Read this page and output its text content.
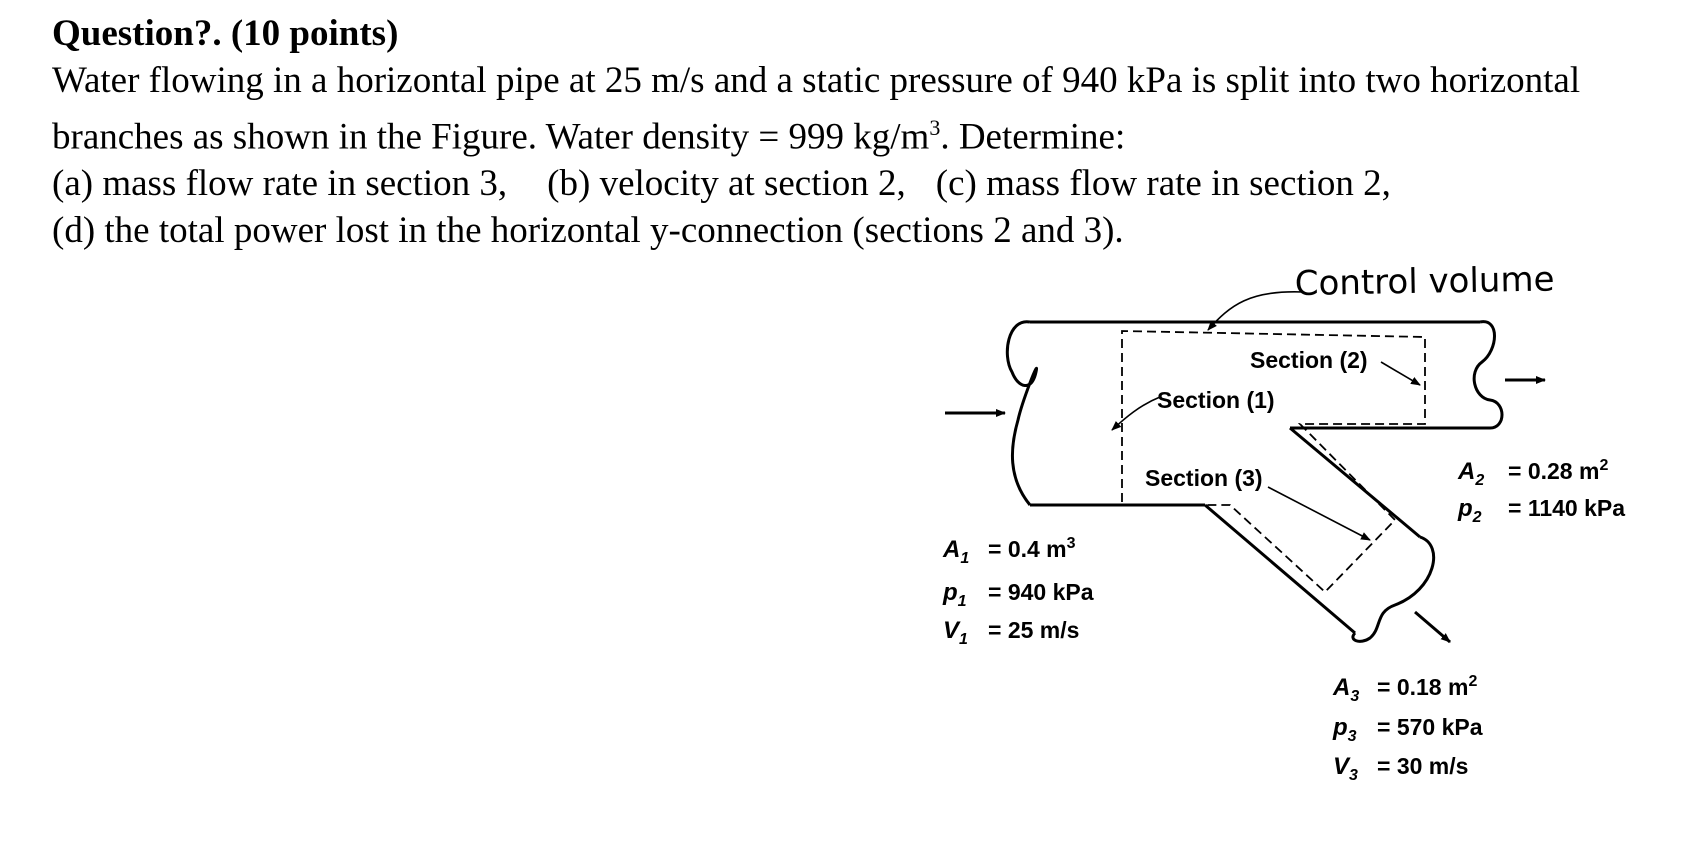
Question?. (10 points)
Water flowing in a horizontal pipe at 25 m/s and a static pressure of 940 kPa is split into two horizontal branches as shown in the Figure. Water density = 999 $kg/m^3$. Determine:
(a) mass flow rate in section 3, (b) velocity at section 2, (c) mass flow rate in section 2,
(d) the total power lost in the horizontal y-connection (sections 2 and 3).
Control volume
Section (2)
Section (1)
Section (3)
$A_1 = 0.4$ $m^3$
$p_1 = 940$ kPa
$V_1 = 25$ m/s
$A_2 = 0.28$ $m^2$
$p_2 = 1140$ kPa
$A_3 = 0.18$ $m^2$
$p_3 = 570$ kPa
$V_3 = 30$ m/s
